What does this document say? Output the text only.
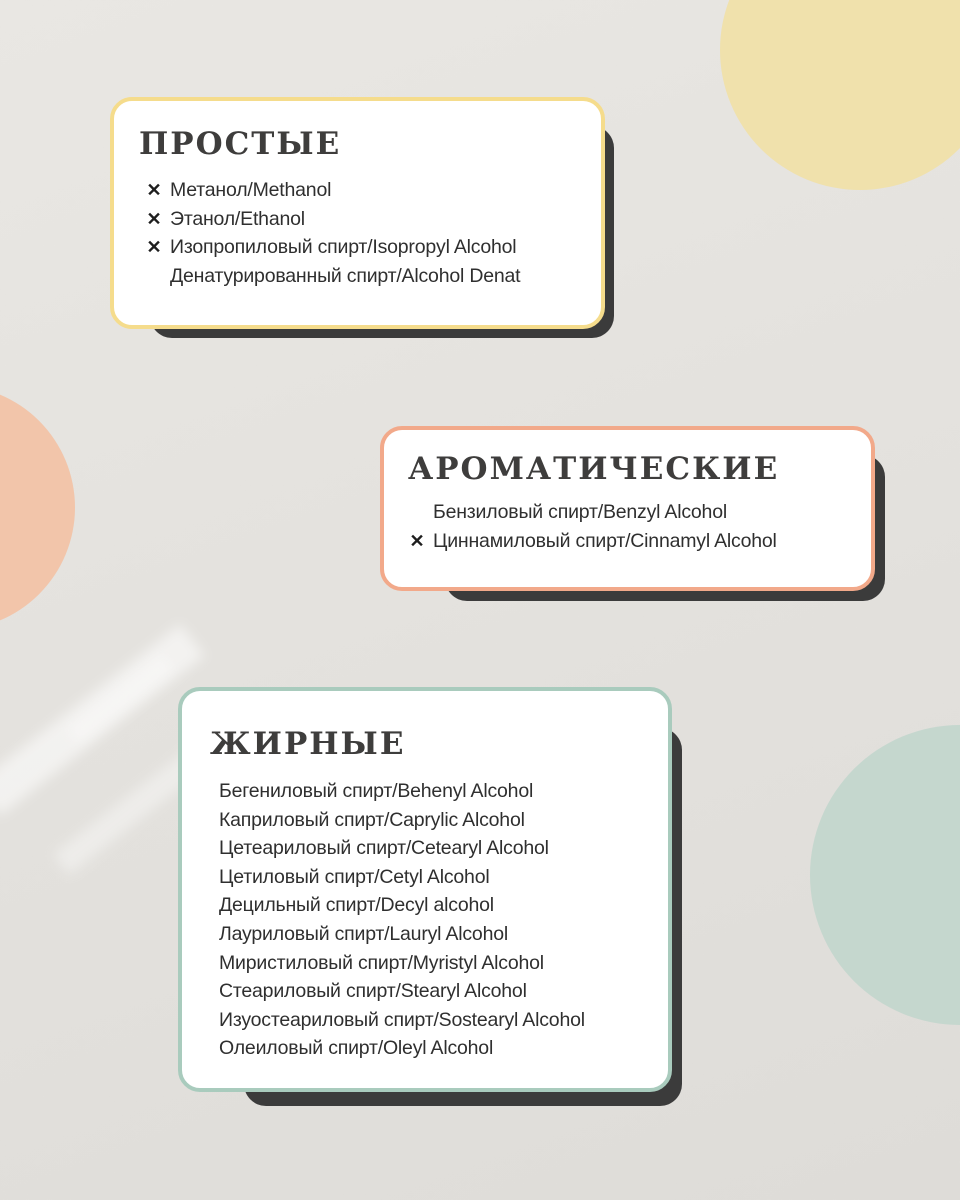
ПРОСТЫЕ
✕ Метанол/Methanol
✕ Этанол/Ethanol
✕ Изопропиловый спирт/Isopropyl Alcohol
Денатурированный спирт/Alcohol Denat
АРОМАТИЧЕСКИЕ
Бензиловый спирт/Benzyl Alcohol
✕ Циннамиловый спирт/Cinnamyl Alcohol
ЖИРНЫЕ
Бегениловый спирт/Behenyl Alcohol
Каприловый спирт/Caprylic Alcohol
Цетеариловый спирт/Cetearyl Alcohol
Цетиловый спирт/Cetyl Alcohol
Децильный спирт/Decyl alcohol
Лауриловый спирт/Lauryl Alcohol
Миристиловый спирт/Myristyl Alcohol
Стеариловый спирт/Stearyl Alcohol
Изуостеариловый спирт/Sostearyl Alcohol
Олеиловый спирт/Oleyl Alcohol
